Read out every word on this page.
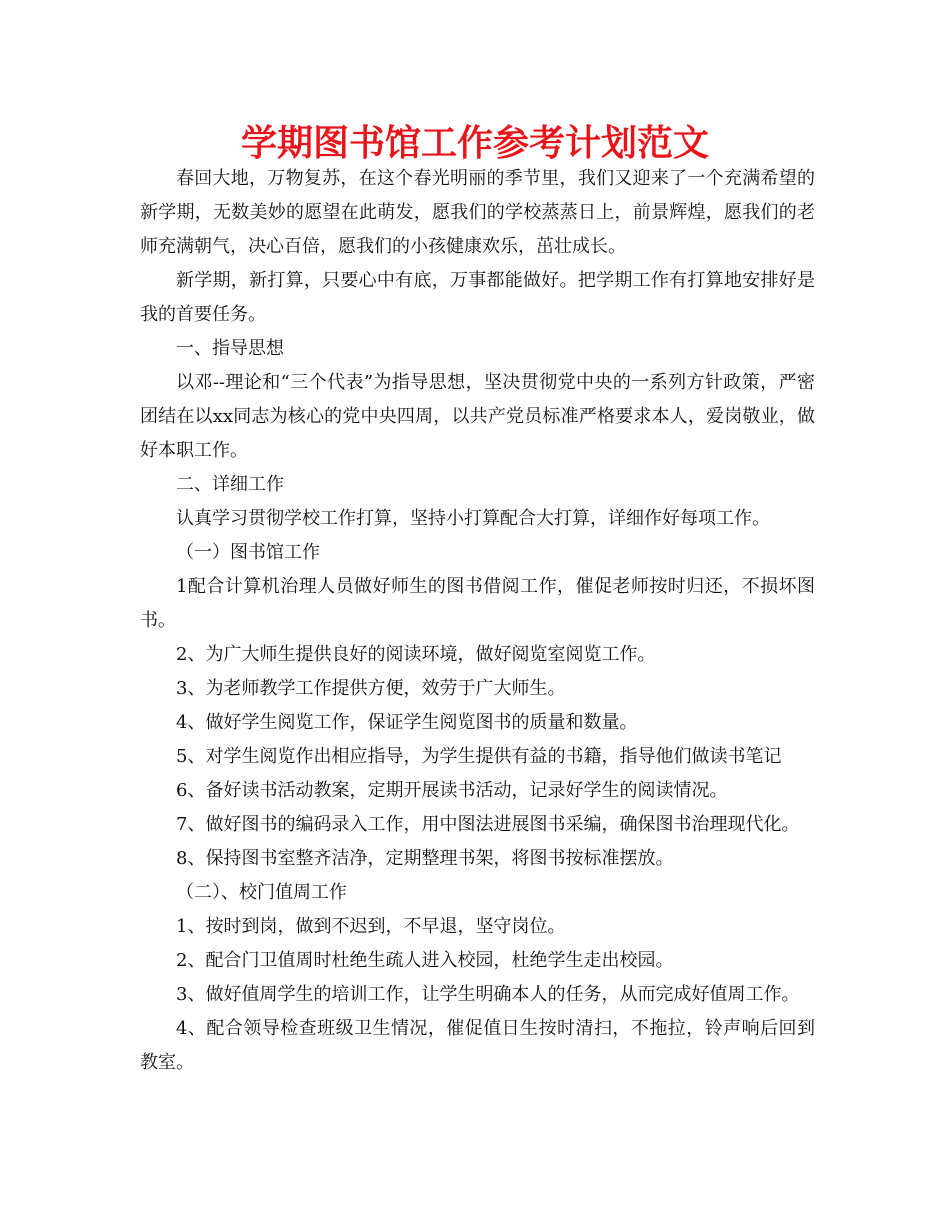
学期图书馆工作参考计划范文

春回大地，万物复苏，在这个春光明丽的季节里，我们又迎来了一个充满希望的新学期，无数美妙的愿望在此萌发，愿我们的学校蒸蒸日上，前景辉煌，愿我们的老师充满朝气，决心百倍，愿我们的小孩健康欢乐，茁壮成长。

新学期，新打算，只要心中有底，万事都能做好。把学期工作有打算地安排好是我的首要任务。

一、指导思想

以邓--理论和“三个代表”为指导思想，坚决贯彻党中央的一系列方针政策，严密团结在以xx同志为核心的党中央四周，以共产党员标准严格要求本人，爱岗敬业，做好本职工作。

二、详细工作

认真学习贯彻学校工作打算，坚持小打算配合大打算，详细作好每项工作。

（一）图书馆工作

1配合计算机治理人员做好师生的图书借阅工作，催促老师按时归还，不损坏图书。

2、为广大师生提供良好的阅读环境，做好阅览室阅览工作。

3、为老师教学工作提供方便，效劳于广大师生。

4、做好学生阅览工作，保证学生阅览图书的质量和数量。

5、对学生阅览作出相应指导，为学生提供有益的书籍，指导他们做读书笔记

6、备好读书活动教案，定期开展读书活动，记录好学生的阅读情况。

7、做好图书的编码录入工作，用中图法进展图书采编，确保图书治理现代化。

8、保持图书室整齐洁净，定期整理书架，将图书按标准摆放。

（二）、校门值周工作

1、按时到岗，做到不迟到，不早退，坚守岗位。

2、配合门卫值周时杜绝生疏人进入校园，杜绝学生走出校园。

3、做好值周学生的培训工作，让学生明确本人的任务，从而完成好值周工作。

4、配合领导检查班级卫生情况，催促值日生按时清扫，不拖拉，铃声响后回到教室。
